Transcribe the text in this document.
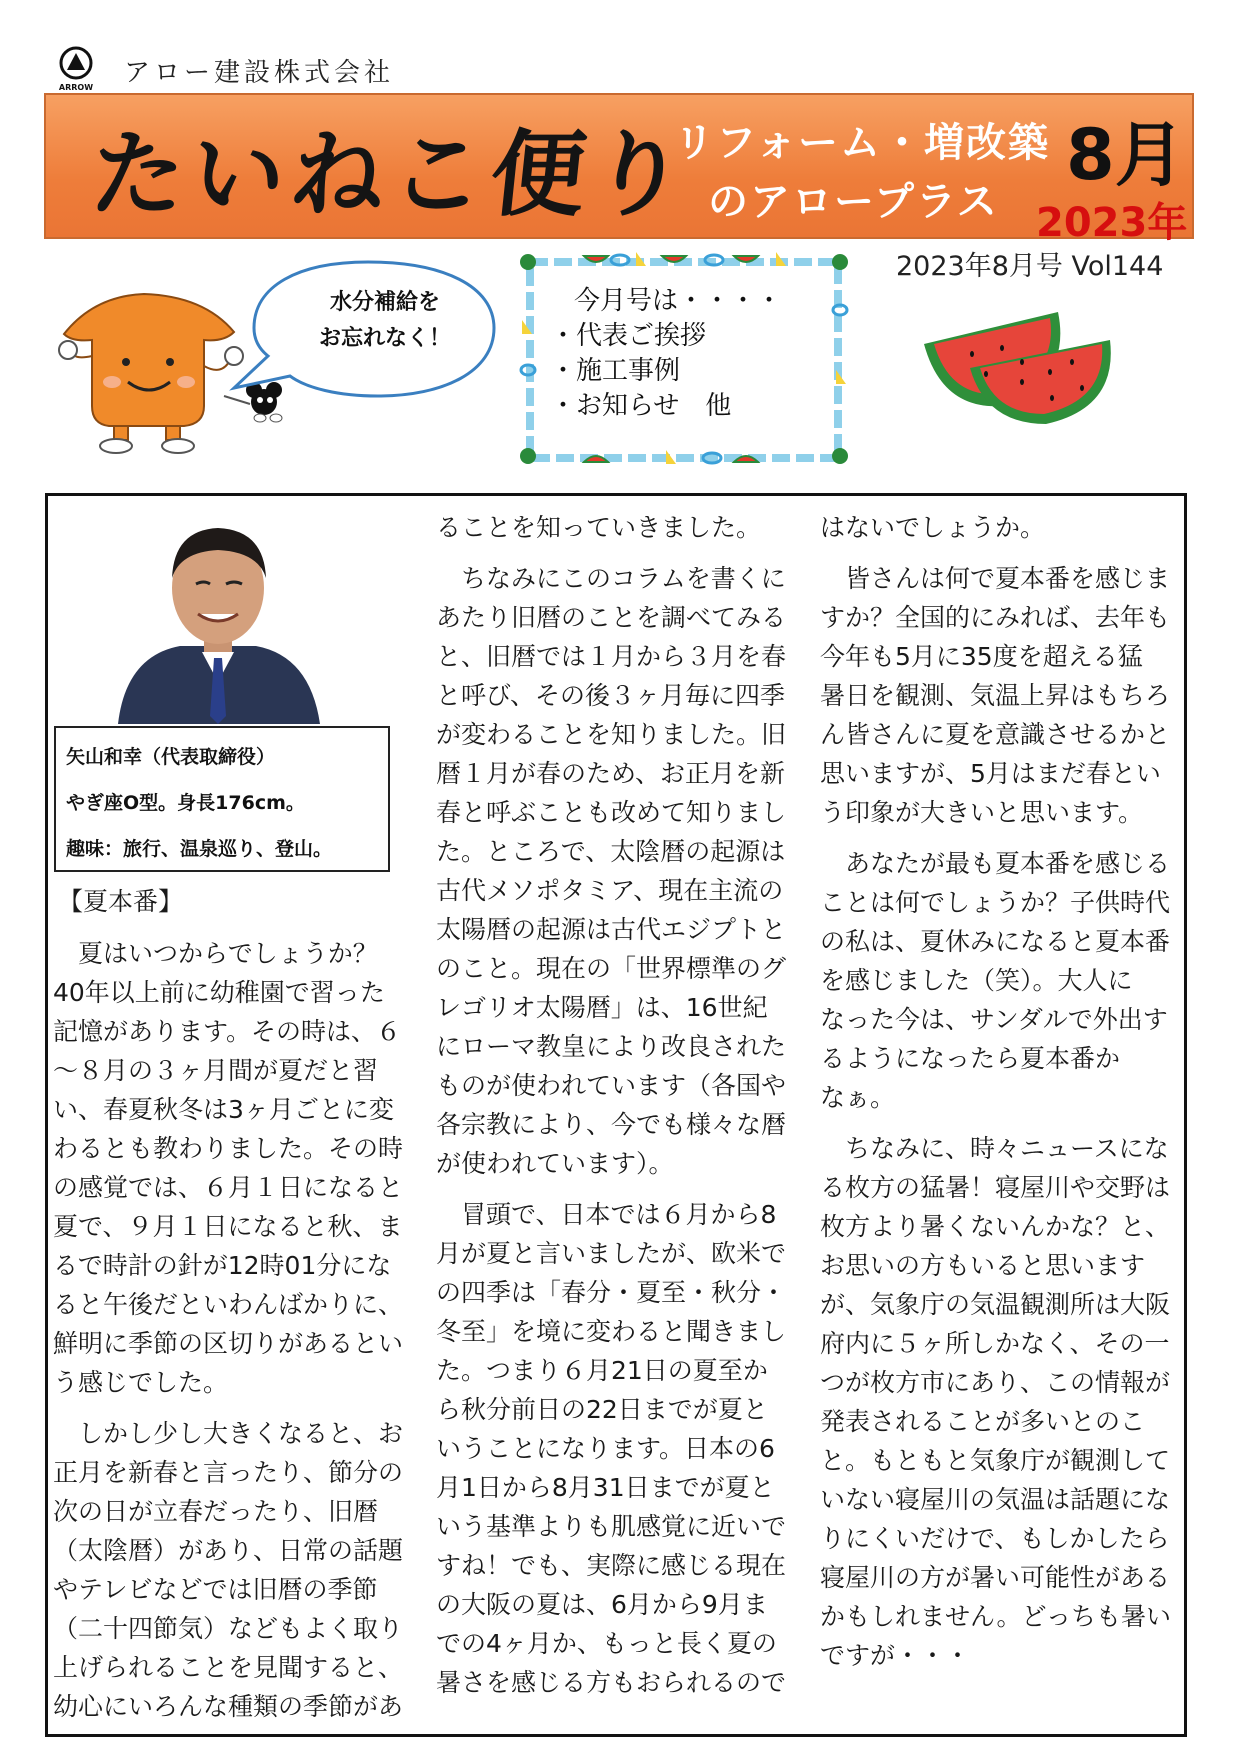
ARROW アロー建設株式会社
たいねこ便り
リフォーム・増改築
のアロープラス
8月
2023年
2023年8月号 Vol144
水分補給を
お忘れなく！
今月号は・・・・
・代表ご挨拶
・施工事例
・お知らせ　他
矢山和幸（代表取締役）
やぎ座O型。身長176cm。
趣味：旅行、温泉巡り、登山。
【夏本番】

　夏はいつからでしょうか？
40年以上前に幼稚園で習った
記憶があります。その時は、６
～８月の３ヶ月間が夏だと習
い、春夏秋冬は3ヶ月ごとに変
わるとも教わりました。その時
の感覚では、６月１日になると
夏で、９月１日になると秋、ま
るで時計の針が12時01分にな
ると午後だといわんばかりに、
鮮明に季節の区切りがあるとい
う感じでした。

　しかし少し大きくなると、お
正月を新春と言ったり、節分の
次の日が立春だったり、旧暦
（太陰暦）があり、日常の話題
やテレビなどでは旧暦の季節
（二十四節気）などもよく取り
上げられることを見聞すると、
幼心にいろんな種類の季節があ

ることを知っていきました。

　ちなみにこのコラムを書くに
あたり旧暦のことを調べてみる
と、旧暦では１月から３月を春
と呼び、その後３ヶ月毎に四季
が変わることを知りました。旧
暦１月が春のため、お正月を新
春と呼ぶことも改めて知りまし
た。ところで、太陰暦の起源は
古代メソポタミア、現在主流の
太陽暦の起源は古代エジプトと
のこと。現在の「世界標準のグ
レゴリオ太陽暦」は、16世紀
にローマ教皇により改良された
ものが使われています（各国や
各宗教により、今でも様々な暦
が使われています）。

　冒頭で、日本では６月から8
月が夏と言いましたが、欧米で
の四季は「春分・夏至・秋分・
冬至」を境に変わると聞きまし
た。つまり６月21日の夏至か
ら秋分前日の22日までが夏と
いうことになります。日本の6
月1日から8月31日までが夏と
いう基準よりも肌感覚に近いで
すね！でも、実際に感じる現在
の大阪の夏は、6月から9月ま
での4ヶ月か、もっと長く夏の
暑さを感じる方もおられるので

はないでしょうか。

　皆さんは何で夏本番を感じま
すか？全国的にみれば、去年も
今年も5月に35度を超える猛
暑日を観測、気温上昇はもちろ
ん皆さんに夏を意識させるかと
思いますが、5月はまだ春とい
う印象が大きいと思います。

　あなたが最も夏本番を感じる
ことは何でしょうか？子供時代
の私は、夏休みになると夏本番
を感じました（笑）。大人に
なった今は、サンダルで外出す
るようになったら夏本番か
なぁ。

　ちなみに、時々ニュースにな
る枚方の猛暑！寝屋川や交野は
枚方より暑くないんかな？と、
お思いの方もいると思います
が、気象庁の気温観測所は大阪
府内に５ヶ所しかなく、その一
つが枚方市にあり、この情報が
発表されることが多いとのこ
と。もともと気象庁が観測して
いない寝屋川の気温は話題にな
りにくいだけで、もしかしたら
寝屋川の方が暑い可能性がある
かもしれません。どっちも暑い
ですが・・・
